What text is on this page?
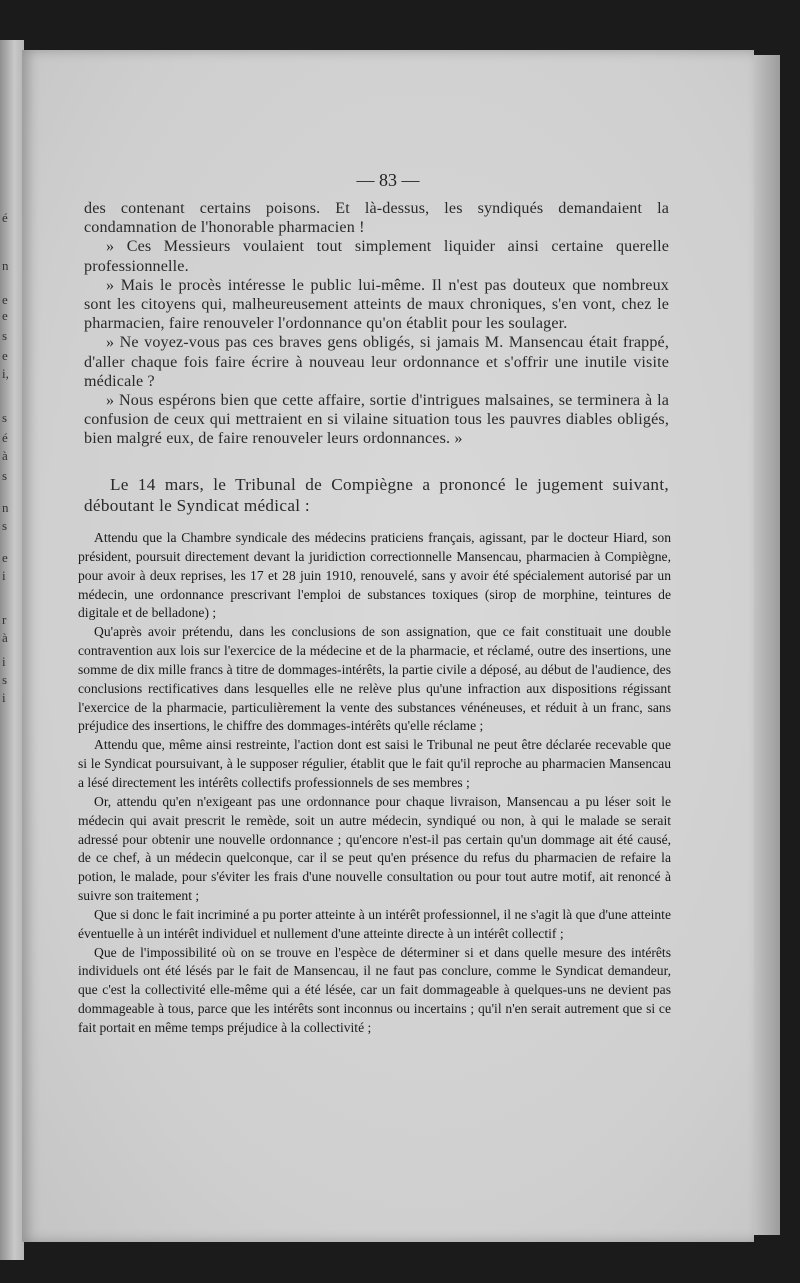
é
n
e
e
s
e
i,
s
é
à
s
n
s
e
i
r
à
i
s
i
— 83 —

des contenant certains poisons. Et là-dessus, les syndiqués demandaient la condamnation de l'honorable pharmacien !

» Ces Messieurs voulaient tout simplement liquider ainsi certaine querelle professionnelle.

» Mais le procès intéresse le public lui-même. Il n'est pas douteux que nombreux sont les citoyens qui, malheureusement atteints de maux chroniques, s'en vont, chez le pharmacien, faire renouveler l'ordonnance qu'on établit pour les soulager.

» Ne voyez-vous pas ces braves gens obligés, si jamais M. Mansencau était frappé, d'aller chaque fois faire écrire à nouveau leur ordonnance et s'offrir une inutile visite médicale ?

» Nous espérons bien que cette affaire, sortie d'intrigues malsaines, se terminera à la confusion de ceux qui mettraient en si vilaine situation tous les pauvres diables obligés, bien malgré eux, de faire renouveler leurs ordonnances. »

Le 14 mars, le Tribunal de Compiègne a prononcé le jugement suivant, déboutant le Syndicat médical :

Attendu que la Chambre syndicale des médecins praticiens français, agissant, par le docteur Hiard, son président, poursuit directement devant la juridiction correctionnelle Mansencau, pharmacien à Compiègne, pour avoir à deux reprises, les 17 et 28 juin 1910, renouvelé, sans y avoir été spécialement autorisé par un médecin, une ordonnance prescrivant l'emploi de substances toxiques (sirop de morphine, teintures de digitale et de belladone) ;

Qu'après avoir prétendu, dans les conclusions de son assignation, que ce fait constituait une double contravention aux lois sur l'exercice de la médecine et de la pharmacie, et réclamé, outre des insertions, une somme de dix mille francs à titre de dommages-intérêts, la partie civile a déposé, au début de l'audience, des conclusions rectificatives dans lesquelles elle ne relève plus qu'une infraction aux dispositions régissant l'exercice de la pharmacie, particulièrement la vente des substances vénéneuses, et réduit à un franc, sans préjudice des insertions, le chiffre des dommages-intérêts qu'elle réclame ;

Attendu que, même ainsi restreinte, l'action dont est saisi le Tribunal ne peut être déclarée recevable que si le Syndicat poursuivant, à le supposer régulier, établit que le fait qu'il reproche au pharmacien Mansencau a lésé directement les intérêts collectifs professionnels de ses membres ;

Or, attendu qu'en n'exigeant pas une ordonnance pour chaque livraison, Mansencau a pu léser soit le médecin qui avait prescrit le remède, soit un autre médecin, syndiqué ou non, à qui le malade se serait adressé pour obtenir une nouvelle ordonnance ; qu'encore n'est-il pas certain qu'un dommage ait été causé, de ce chef, à un médecin quelconque, car il se peut qu'en présence du refus du pharmacien de refaire la potion, le malade, pour s'éviter les frais d'une nouvelle consultation ou pour tout autre motif, ait renoncé à suivre son traitement ;

Que si donc le fait incriminé a pu porter atteinte à un intérêt professionnel, il ne s'agit là que d'une atteinte éventuelle à un intérêt individuel et nullement d'une atteinte directe à un intérêt collectif ;

Que de l'impossibilité où on se trouve en l'espèce de déterminer si et dans quelle mesure des intérêts individuels ont été lésés par le fait de Mansencau, il ne faut pas conclure, comme le Syndicat demandeur, que c'est la collectivité elle-même qui a été lésée, car un fait dommageable à quelques-uns ne devient pas dommageable à tous, parce que les intérêts sont inconnus ou incertains ; qu'il n'en serait autrement que si ce fait portait en même temps préjudice à la collectivité ;
